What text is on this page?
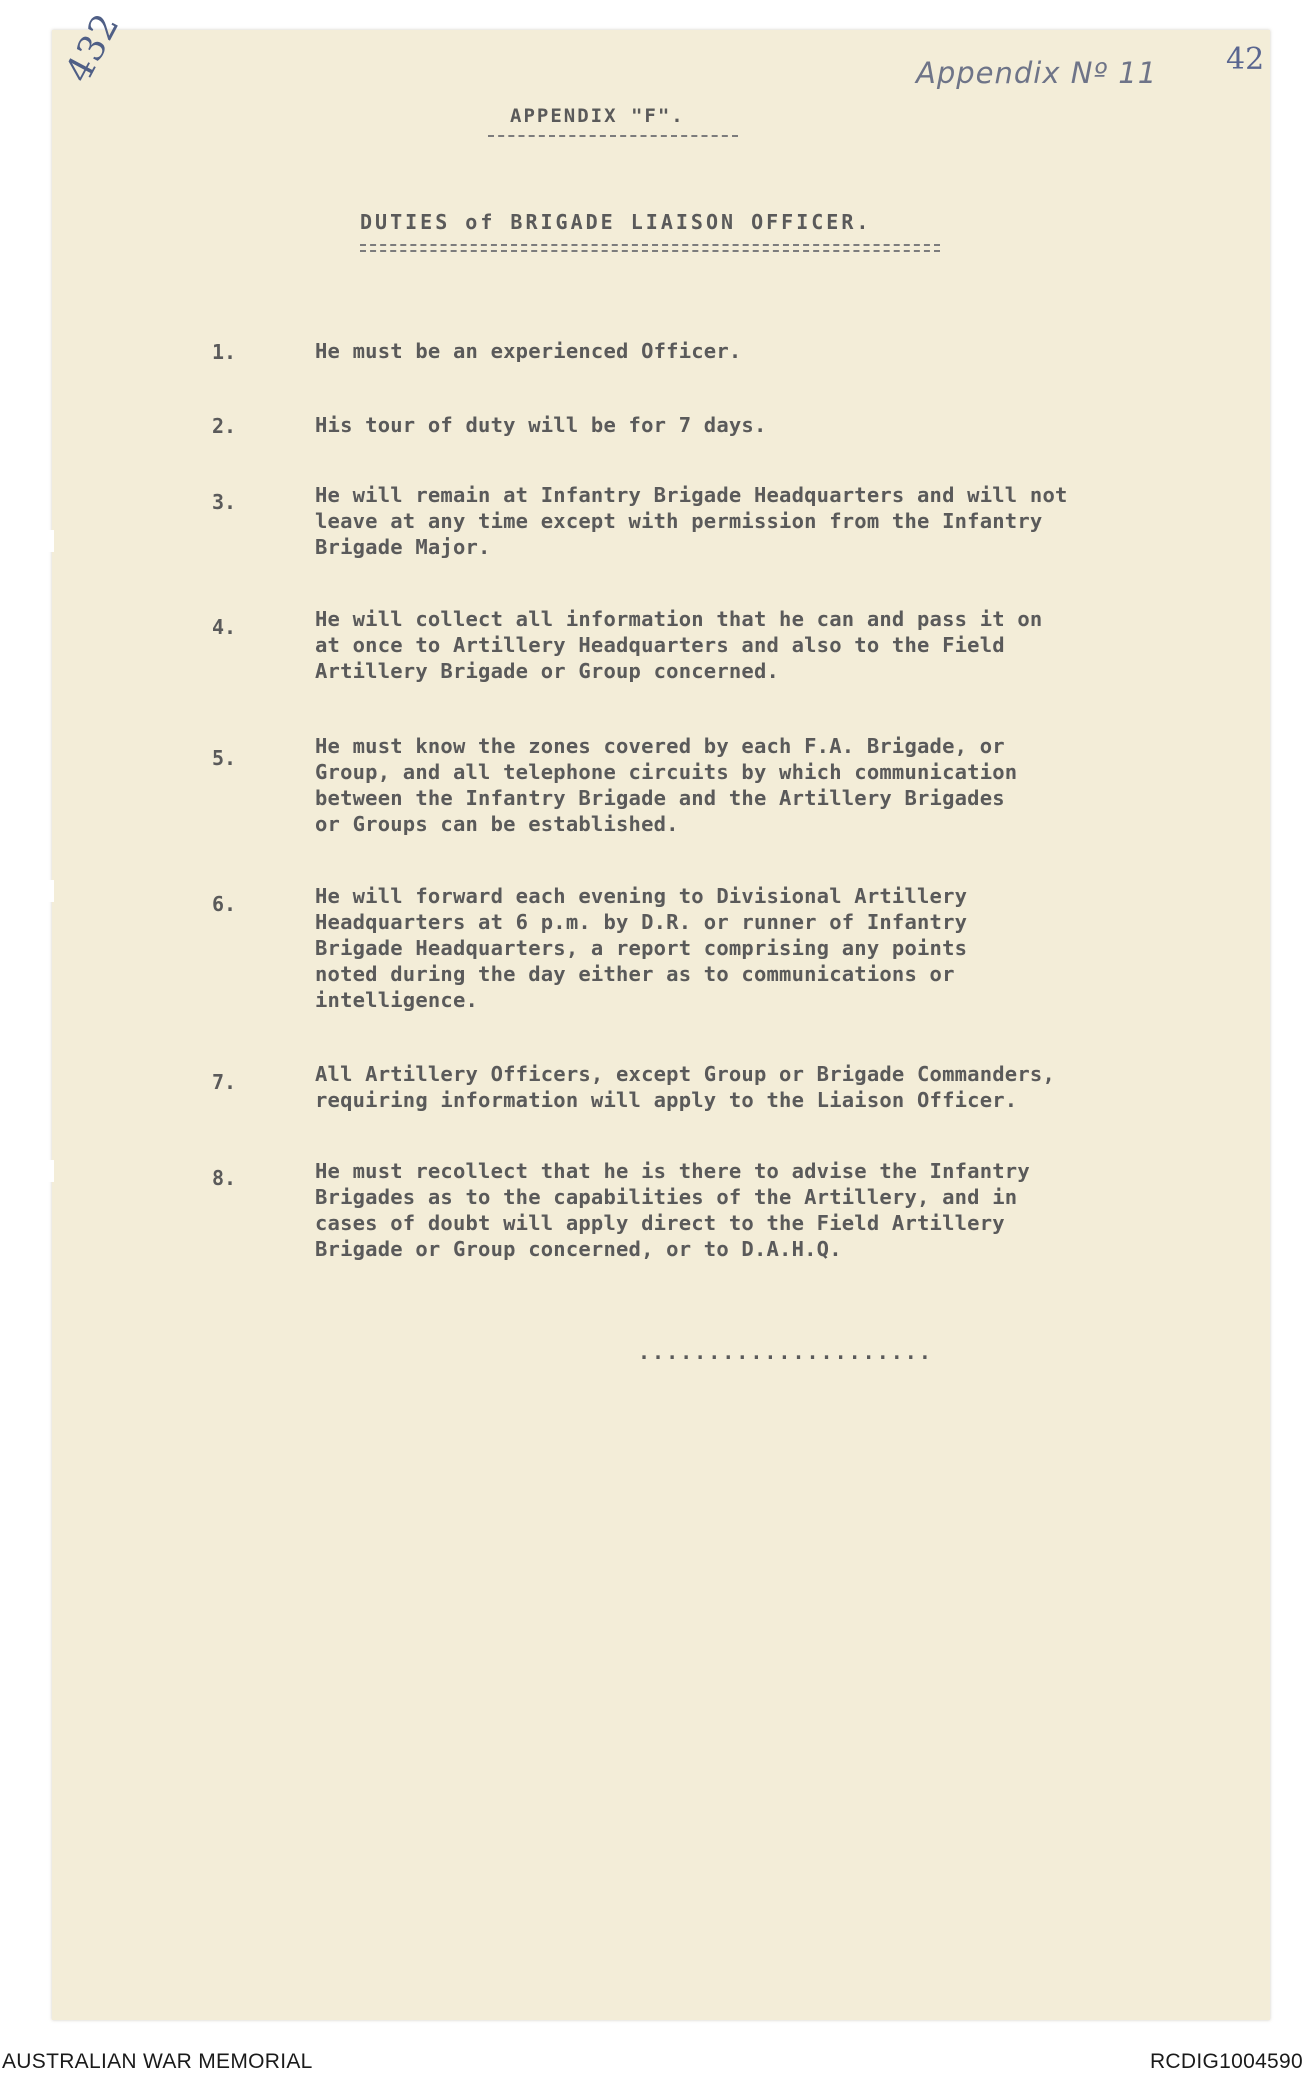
432	42
Appendix Nº 11
APPENDIX "F".
DUTIES of BRIGADE LIAISON OFFICER.
1.	He must be an experienced Officer.
2.	His tour of duty will be for 7 days.
3.	He will remain at Infantry Brigade Headquarters and will not
leave at any time except with permission from the Infantry
Brigade Major.
4.	He will collect all information that he can and pass it on
at once to Artillery Headquarters and also to the Field
Artillery Brigade or Group concerned.
5.	He must know the zones covered by each F.A. Brigade, or
Group, and all telephone circuits by which communication
between the Infantry Brigade and the Artillery Brigades
or Groups can be established.
6.	He will forward each evening to Divisional Artillery
Headquarters at 6 p.m. by D.R. or runner of Infantry
Brigade Headquarters, a report comprising any points
noted during the day either as to communications or
intelligence.
7.	All Artillery Officers, except Group or Brigade Commanders,
requiring information will apply to the Liaison Officer.
8.	He must recollect that he is there to advise the Infantry
Brigades as to the capabilities of the Artillery, and in
cases of doubt will apply direct to the Field Artillery
Brigade or Group concerned, or to D.A.H.Q.
.....................
AUSTRALIAN WAR MEMORIAL	RCDIG1004590
